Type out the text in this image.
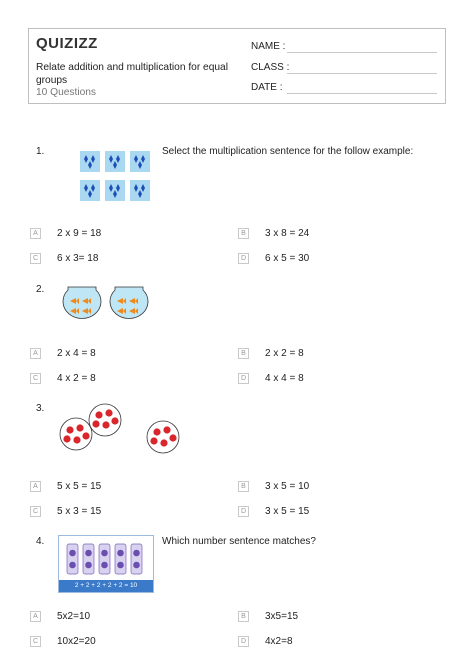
QUIZIZZ
Relate addition and multiplication for equal groups
10 Questions
NAME :
CLASS :
DATE :
1.	Select the multiplication sentence for the follow example:
A	2 x 9 = 18	B	3 x 8 = 24
C 6 x 3= 18	D 6 x 5 = 30
2.
A	2 x 4 = 8	B	2 x 2 = 8
C 4 x 2 = 8	D 4 x 4 = 8
3.
A	5 x 5 = 15	B	3 x 5 = 10
C 5 x 3 = 15	D 3 x 5 = 15
4.	Which number sentence matches?
2 + 2 + 2 + 2 + 2 = 10
A	5x2=10	B	3x5=15
C 10x2=20	D 4x2=8
